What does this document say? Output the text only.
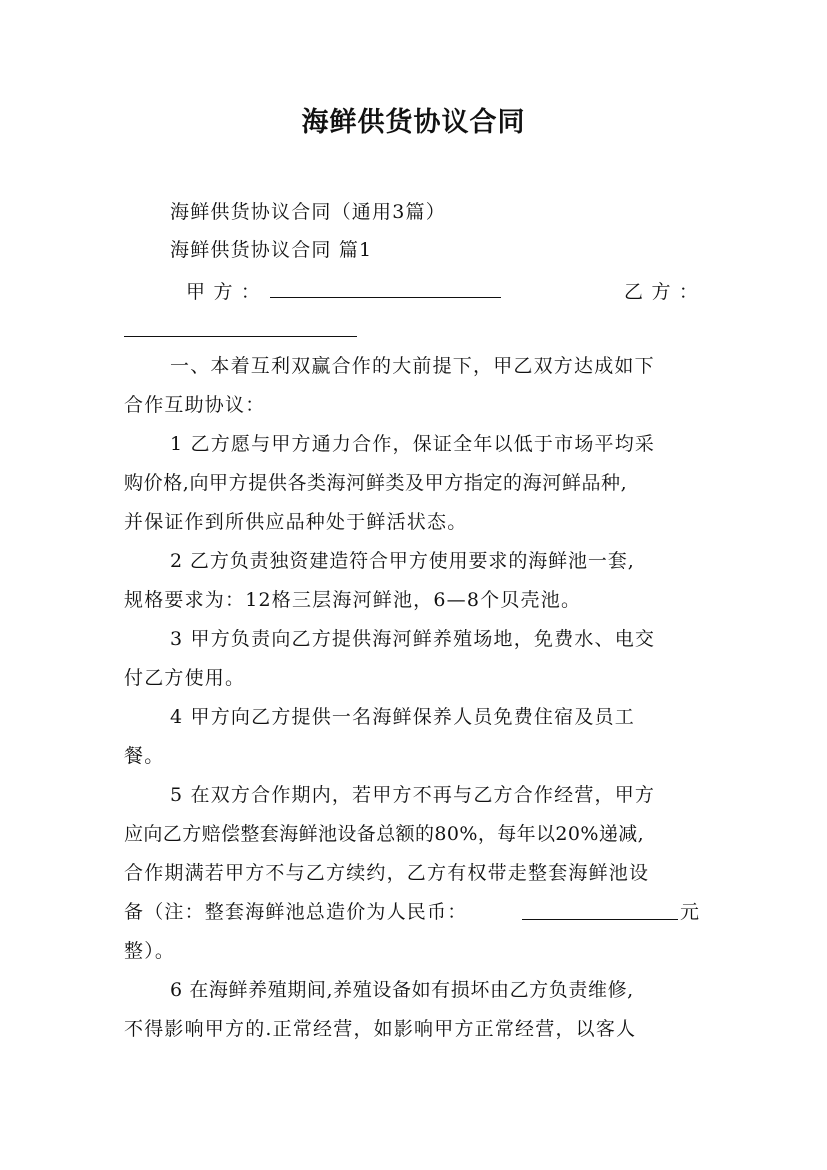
海鲜供货协议合同
海鲜供货协议合同（通用3篇）
海鲜供货协议合同 篇1
甲 方 ：	乙 方 ：
一、本着互利双赢合作的大前提下，甲乙双方达成如下
合作互助协议：
1 乙方愿与甲方通力合作，保证全年以低于市场平均采
购价格,向甲方提供各类海河鲜类及甲方指定的海河鲜品种,
并保证作到所供应品种处于鲜活状态。
2 乙方负责独资建造符合甲方使用要求的海鲜池一套,
规格要求为：12格三层海河鲜池，6—8个贝壳池。
3 甲方负责向乙方提供海河鲜养殖场地，免费水、电交
付乙方使用。
4 甲方向乙方提供一名海鲜保养人员免费住宿及员工
餐。
5 在双方合作期内，若甲方不再与乙方合作经营，甲方
应向乙方赔偿整套海鲜池设备总额的80%，每年以20%递减,
合作期满若甲方不与乙方续约，乙方有权带走整套海鲜池设
备（注：整套海鲜池总造价为人民币：	元
整）。
6 在海鲜养殖期间,养殖设备如有损坏由乙方负责维修,
不得影响甲方的.正常经营，如影响甲方正常经营，以客人
